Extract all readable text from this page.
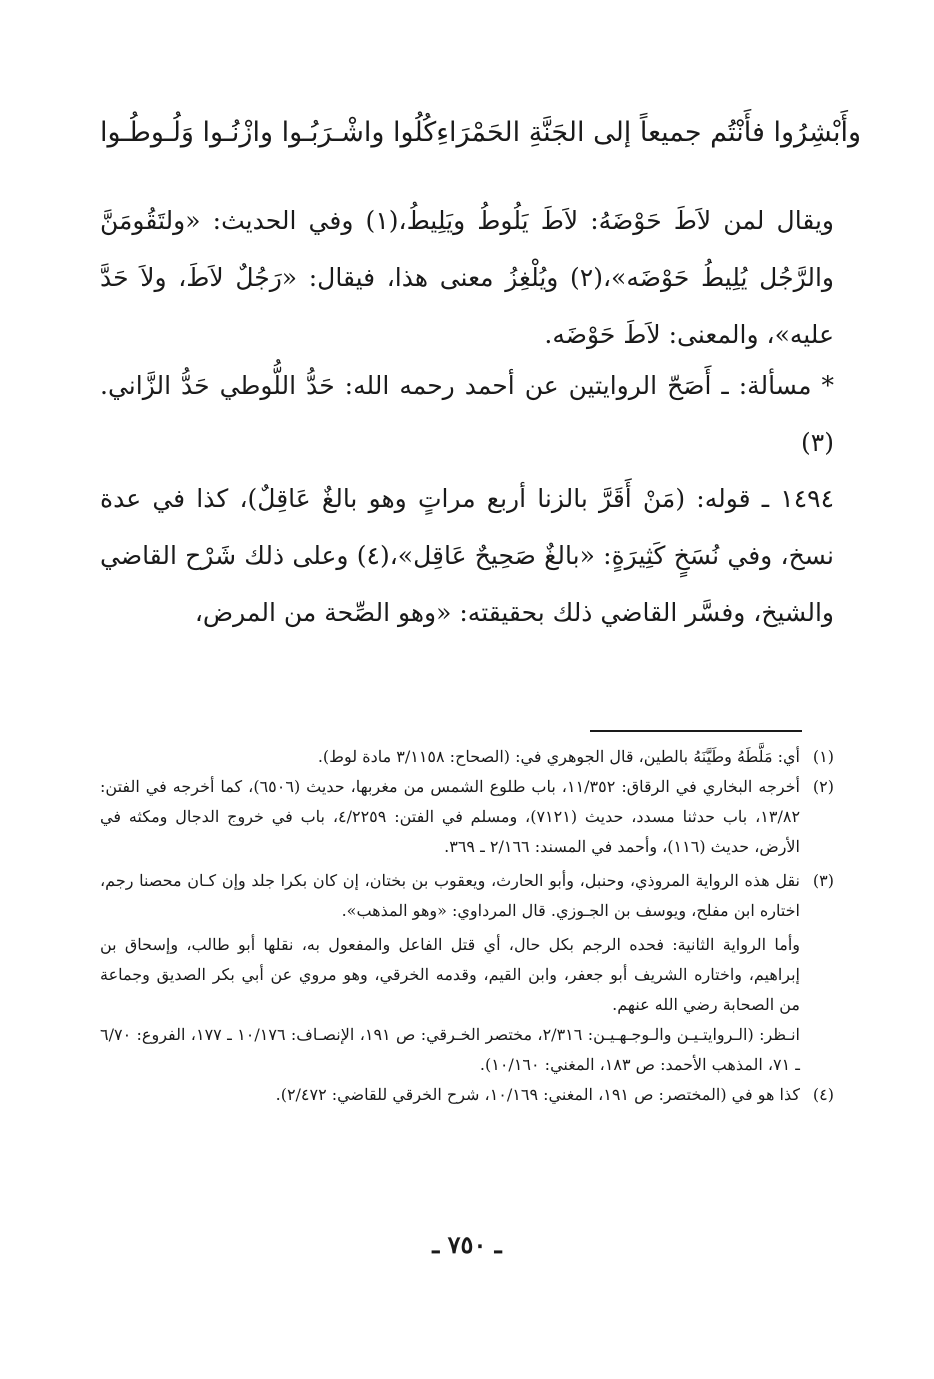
كُلُوا واشْـرَبُـوا وازْنُـوا وَلُـوطُـوا وأَبْشِرُوا فأَنْتُم جميعاً إلى الجَنَّةِ الحَمْرَاءِ
ويقال لمن لاَطَ حَوْضَهُ: لاَطَ يَلُوطُ ويَلِيطُ،(١) وفي الحديث: «ولتَقُومَنَّ والرَّجُل يُلِيطُ حَوْضَه»،(٢) ويُلْغِزُ معنى هذا، فيقال: «رَجُلٌ لاَطَ، ولاَ حَدَّ عليه»، والمعنى: لاَطَ حَوْضَه.
* مسألة: ـ أَصَحّ الروايتين عن أحمد رحمه الله: حَدُّ اللُّوطي حَدُّ الزَّاني.(٣)
١٤٩٤ ـ قوله: (مَنْ أَقَرَّ بالزنا أربع مراتٍ وهو بالغٌ عَاقِلٌ)، كذا في عدة نسخ، وفي نُسَخٍ كَثِيرَةٍ: «بالغٌ صَحِيحٌ عَاقِل»،(٤) وعلى ذلك شَرْح القاضي والشيخ، وفسَّر القاضي ذلك بحقيقته: «وهو الصِّحة من المرض،
(١)
أي: مَلَّطَهُ وطَيَّنَهُ بالطين، قال الجوهري في: (الصحاح: ٣/١١٥٨ مادة لوط).
(٢)
أخرجه البخاري في الرقاق: ١١/٣٥٢، باب طلوع الشمس من مغربها، حديث (٦٥٠٦)، كما أخرجه في الفتن: ١٣/٨٢، باب حدثنا مسدد، حديث (٧١٢١)، ومسلم في الفتن: ٤/٢٢٥٩، باب في خروج الدجال ومكثه في الأرض، حديث (١١٦)، وأحمد في المسند: ٢/١٦٦ ـ ٣٦٩.
(٣)
نقل هذه الرواية المروذي، وحنبل، وأبو الحارث، ويعقوب بن بختان، إن كان بكرا جلد وإن كـان محصنا رجم، اختاره ابن مفلح، ويوسف بن الجـوزي. قال المرداوي: «وهو المذهب».
وأما الرواية الثانية: فحده الرجم بكل حال، أي قتل الفاعل والمفعول به، نقلها أبو طالب، وإسحاق بن إبراهيم، واختاره الشريف أبو جعفر، وابن القيم، وقدمه الخرقي، وهو مروي عن أبي بكر الصديق وجماعة من الصحابة رضي الله عنهم.
انـظر: (الـروايتـيـن والـوجـهـيـن: ٢/٣١٦، مختصر الخـرقي: ص ١٩١، الإنصـاف: ١٠/١٧٦ ـ ١٧٧، الفروع: ٦/٧٠ ـ ٧١، المذهب الأحمد: ص ١٨٣، المغني: ١٠/١٦٠).
(٤)
كذا هو في (المختصر: ص ١٩١، المغني: ١٠/١٦٩، شرح الخرقي للقاضي: ٢/٤٧٢).
ـ ٧٥٠ ـ
